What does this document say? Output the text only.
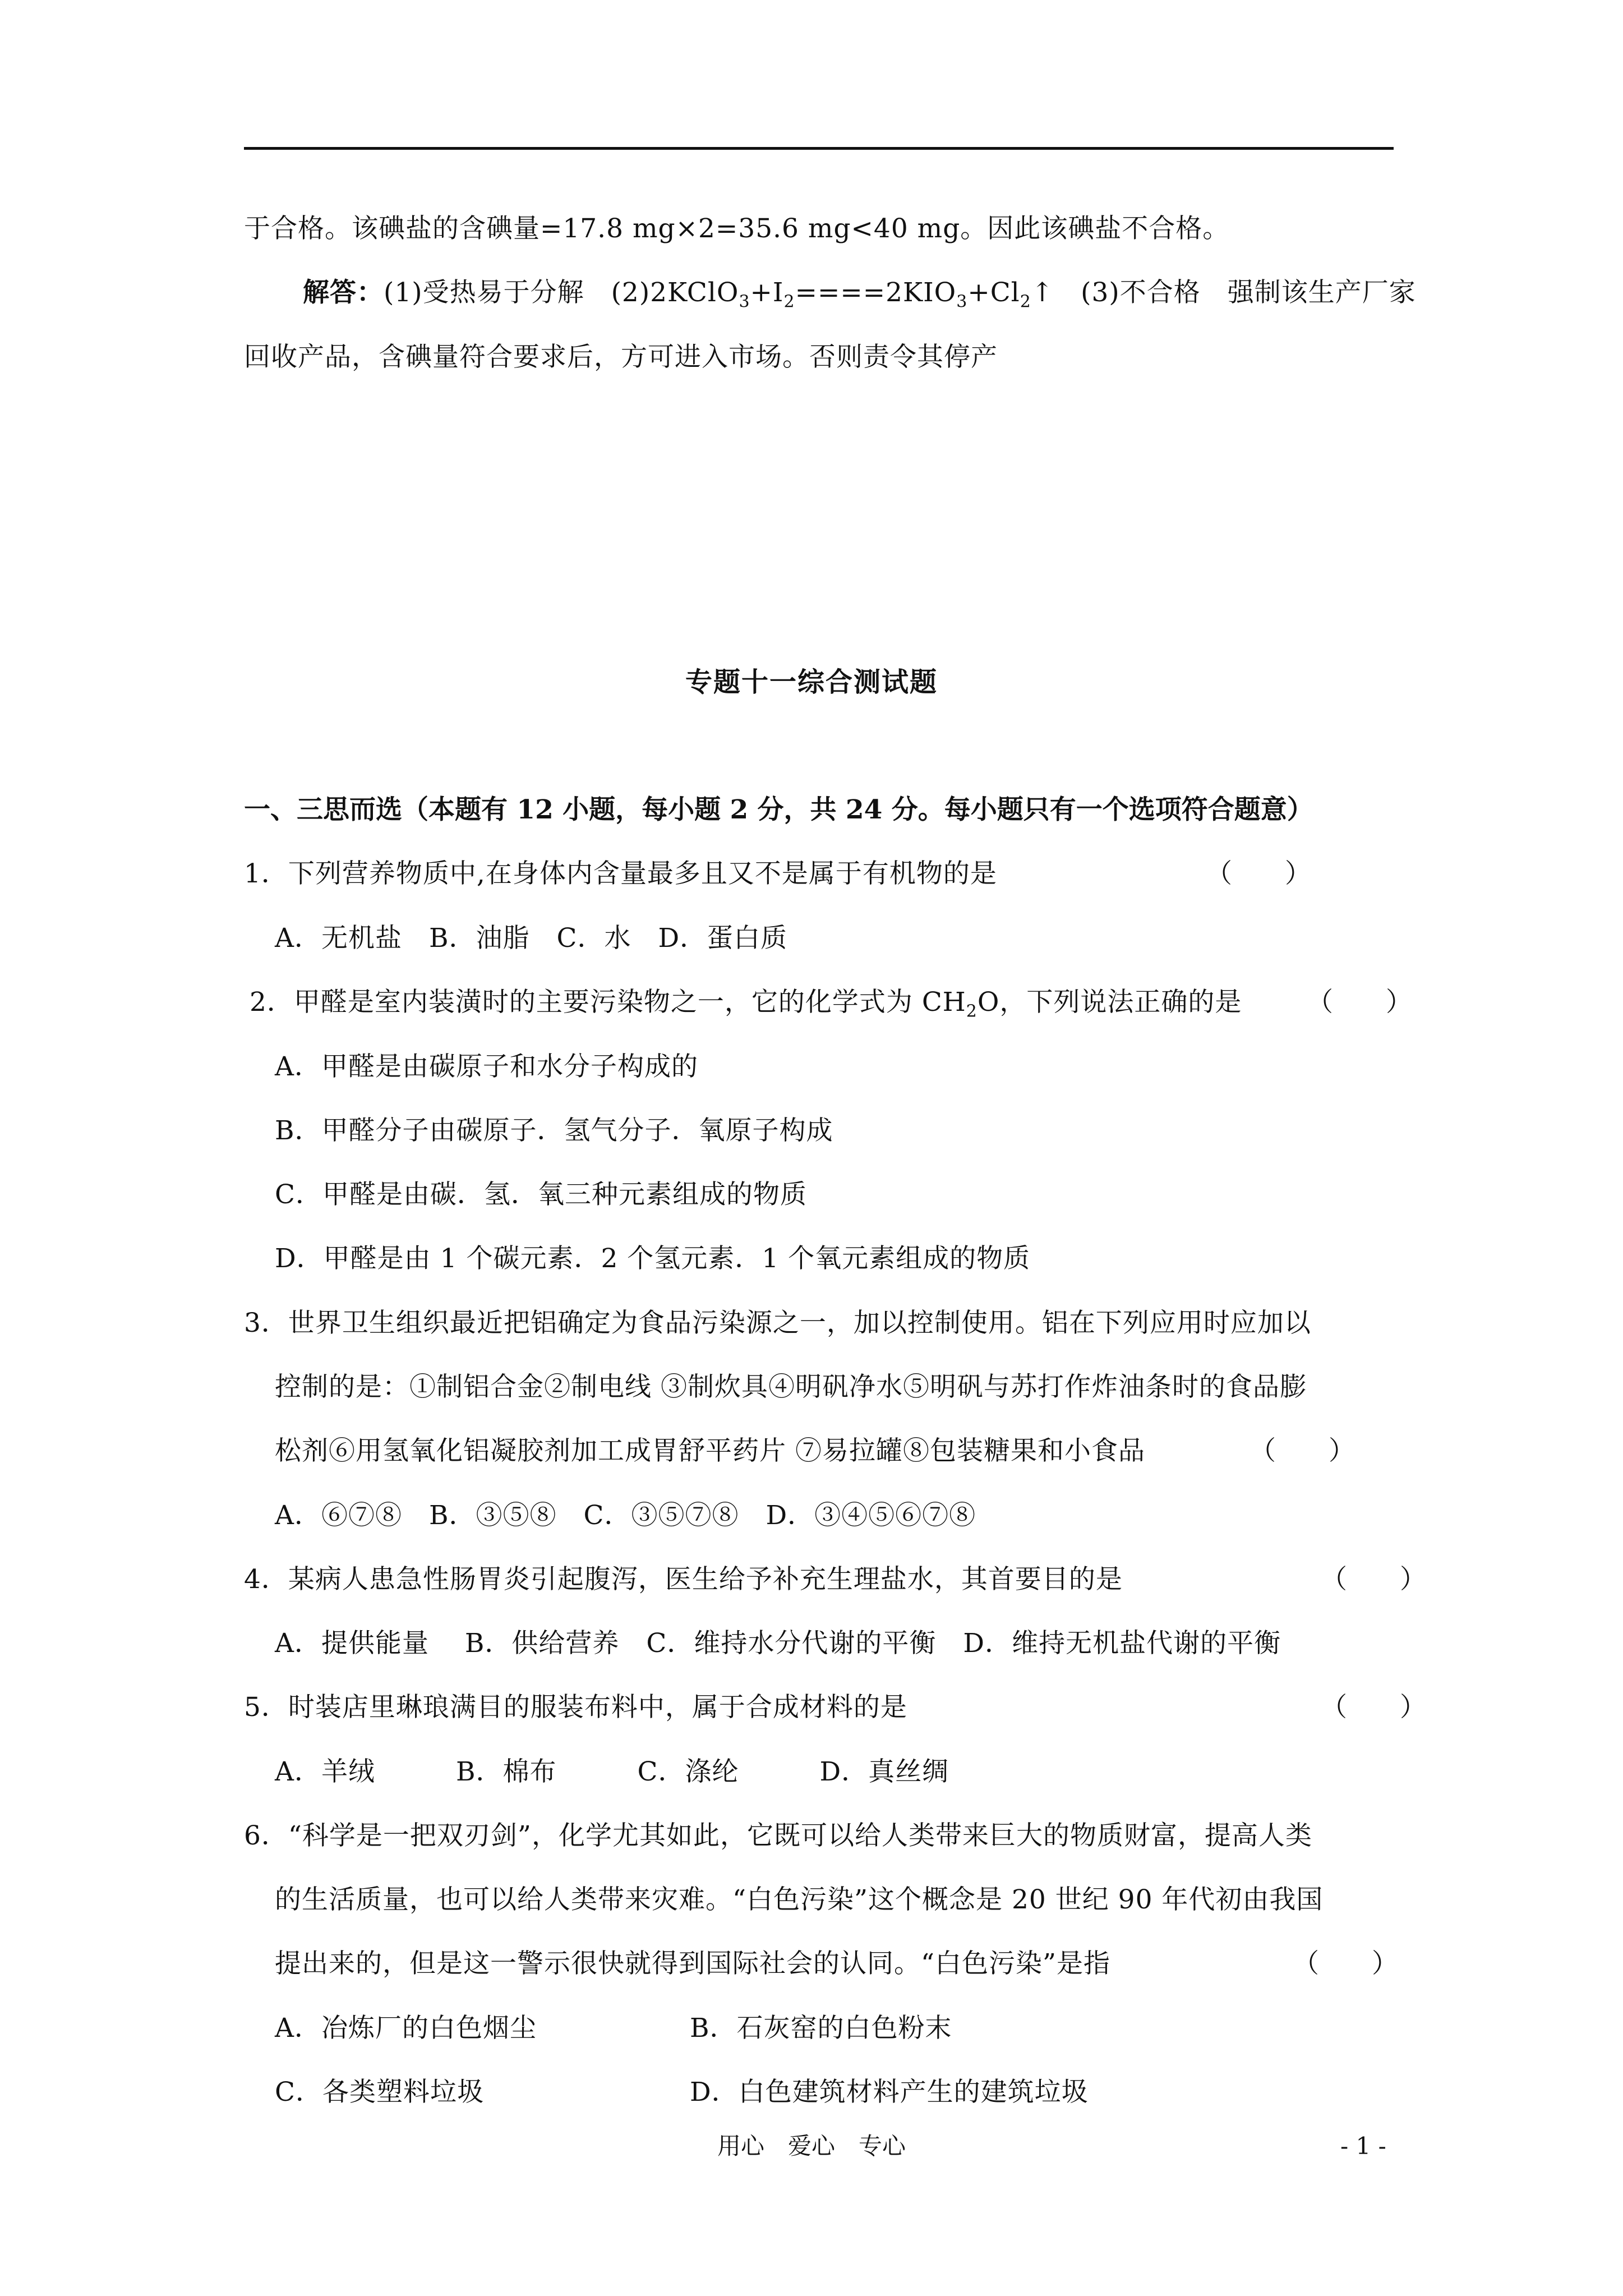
于合格。该碘盐的含碘量=17.8 mg×2=35.6 mg<40 mg。因此该碘盐不合格。
解答：(1)受热易于分解　$(2)2KClO_3+I_2====2KIO_3+Cl_2↑$　(3)不合格　强制该生产厂家
回收产品，含碘量符合要求后，方可进入市场。否则责令其停产
专题十一综合测试题
一、三思而选（本题有 12 小题，每小题 2 分，共 24 分。每小题只有一个选项符合题意）
1．下列营养物质中,在身体内含量最多且又不是属于有机物的是	（　　）
A．无机盐　B．油脂　C．水　D．蛋白质
2．甲醛是室内装潢时的主要污染物之一，它的化学式为 $CH_2O$，下列说法正确的是 （　　）
A．甲醛是由碳原子和水分子构成的
B．甲醛分子由碳原子．氢气分子．氧原子构成
C．甲醛是由碳．氢．氧三种元素组成的物质
D．甲醛是由 1 个碳元素．2 个氢元素．1 个氧元素组成的物质
3．世界卫生组织最近把铝确定为食品污染源之一，加以控制使用。铝在下列应用时应加以
控制的是：①制铝合金②制电线 ③制炊具④明矾净水⑤明矾与苏打作炸油条时的食品膨
松剂⑥用氢氧化铝凝胶剂加工成胃舒平药片 ⑦易拉罐⑧包装糖果和小食品	（　　）
A．⑥⑦⑧　B．③⑤⑧　C．③⑤⑦⑧　D．③④⑤⑥⑦⑧
4．某病人患急性肠胃炎引起腹泻，医生给予补充生理盐水，其首要目的是	（　　）
A．提供能量　 B．供给营养　C．维持水分代谢的平衡　D．维持无机盐代谢的平衡
5．时装店里琳琅满目的服装布料中，属于合成材料的是	（　　）
A．羊绒　　　B．棉布　　　C．涤纶　　　D．真丝绸
6．“科学是一把双刃剑”，化学尤其如此，它既可以给人类带来巨大的物质财富，提高人类
的生活质量，也可以给人类带来灾难。“白色污染”这个概念是 20 世纪 90 年代初由我国
提出来的，但是这一警示很快就得到国际社会的认同。“白色污染”是指	（　　）
A．冶炼厂的白色烟尘	B．石灰窑的白色粉末
C．各类塑料垃圾	D．白色建筑材料产生的建筑垃圾
用心　爱心　专心	- 1 -
